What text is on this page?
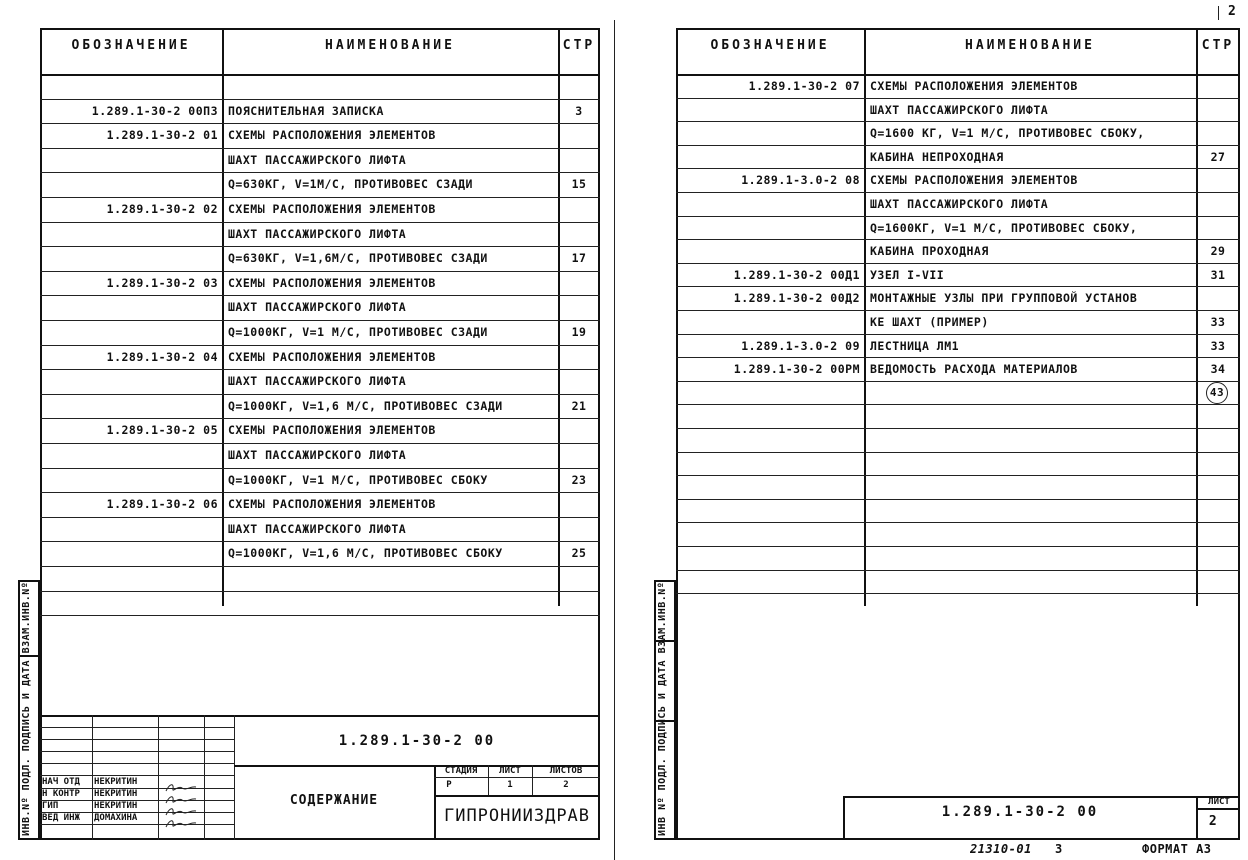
ОБОЗНАЧЕНИЕ	НАИМЕНОВАНИЕ	СТР
1.289.1-30-2 00ПЗ ПОЯСНИТЕЛЬНАЯ ЗАПИСКА	3
1.289.1-30-2 01 СХЕМЫ РАСПОЛОЖЕНИЯ ЭЛЕМЕНТОВ
ШАХТ ПАССАЖИРСКОГО ЛИФТА
Q=630КГ, V=1М/С, ПРОТИВОВЕС СЗАДИ	15
1.289.1-30-2 02 СХЕМЫ РАСПОЛОЖЕНИЯ ЭЛЕМЕНТОВ
ШАХТ ПАССАЖИРСКОГО ЛИФТА
Q=630КГ, V=1,6М/С, ПРОТИВОВЕС СЗАДИ	17
1.289.1-30-2 03 СХЕМЫ РАСПОЛОЖЕНИЯ ЭЛЕМЕНТОВ
ШАХТ ПАССАЖИРСКОГО ЛИФТА
Q=1000КГ, V=1 М/С, ПРОТИВОВЕС СЗАДИ	19
1.289.1-30-2 04 СХЕМЫ РАСПОЛОЖЕНИЯ ЭЛЕМЕНТОВ
ШАХТ ПАССАЖИРСКОГО ЛИФТА
Q=1000КГ, V=1,6 М/С, ПРОТИВОВЕС СЗАДИ	21
1.289.1-30-2 05 СХЕМЫ РАСПОЛОЖЕНИЯ ЭЛЕМЕНТОВ
ШАХТ ПАССАЖИРСКОГО ЛИФТА
Q=1000КГ, V=1 М/С, ПРОТИВОВЕС СБОКУ	23
1.289.1-30-2 06 СХЕМЫ РАСПОЛОЖЕНИЯ ЭЛЕМЕНТОВ
ШАХТ ПАССАЖИРСКОГО ЛИФТА
Q=1000КГ, V=1,6 М/С, ПРОТИВОВЕС СБОКУ	25
ИНВ.Nº ПОДЛ. ПОДПИСЬ И ДАТА ВЗАМ.ИНВ.Nº	1.289.1-30-2 00
СОДЕРЖАНИЕ
СТАДИЯ	ЛИСТ	ЛИСТОВ
Р	1	2
ГИПРОНИИЗДРАВ
НАЧ ОТД	НЕКРИТИН
Н КОНТР	НЕКРИТИН
ГИП	НЕКРИТИН
ВЕД ИНЖ	ДОМАХИНА
ОБОЗНАЧЕНИЕ	НАИМЕНОВАНИЕ	СТР
1.289.1-30-2 07 СХЕМЫ РАСПОЛОЖЕНИЯ ЭЛЕМЕНТОВ
ШАХТ ПАССАЖИРСКОГО ЛИФТА
Q=1600 КГ, V=1 М/С, ПРОТИВОВЕС СБОКУ,
КАБИНА НЕПРОХОДНАЯ	27
1.289.1-3.0-2 08 СХЕМЫ РАСПОЛОЖЕНИЯ ЭЛЕМЕНТОВ
ШАХТ ПАССАЖИРСКОГО ЛИФТА
Q=1600КГ, V=1 М/С, ПРОТИВОВЕС СБОКУ,
КАБИНА ПРОХОДНАЯ	29
1.289.1-30-2 00Д1 УЗЕЛ I-VII	31
1.289.1-30-2 00Д2 МОНТАЖНЫЕ УЗЛЫ ПРИ ГРУППОВОЙ УСТАНОВ
КЕ ШАХТ (ПРИМЕР)	33
1.289.1-3.0-2 09 ЛЕСТНИЦА ЛМ1	33
1.289.1-30-2 00РМ ВЕДОМОСТЬ РАСХОДА МАТЕРИАЛОВ	34
43
ИНВ Nº ПОДЛ. ПОДПИСЬ И ДАТА ВЗАМ.ИНВ.Nº	1.289.1-30-2 00
ЛИСТ
2
2
21310-01 3	ФОРМАТ А3
